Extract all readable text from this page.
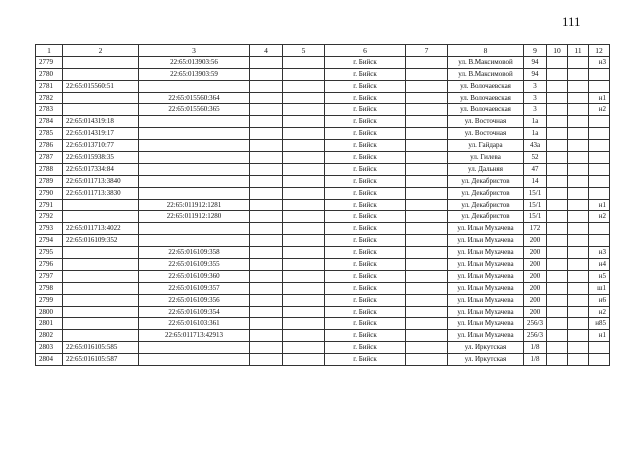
111
1	2	3	4	5	6	7	8	9	10	11	12
2779		22:65:013903:56			г. Бийск		ул. В.Максимовой	94			н3
2780		22:65:013903:59			г. Бийск		ул. В.Максимовой	94			
2781	22:65:015560:51				г. Бийск		ул. Волочаевская	3			
2782		22:65:015560:364			г. Бийск		ул. Волочаевская	3			н1
2783		22:65:015560:365			г. Бийск		ул. Волочаевская	3			н2
2784	22:65:014319:18				г. Бийск		ул. Восточная	1а			
2785	22:65:014319:17				г. Бийск		ул. Восточная	1а			
2786	22:65:013710:77				г. Бийск		ул. Гайдара	43а			
2787	22:65:015938:35				г. Бийск		ул. Гилева	52			
2788	22:65:017334:84				г. Бийск		ул. Дальняя	47			
2789	22:65:011713:3840				г. Бийск		ул. Декабристов	14			
2790	22:65:011713:3830				г. Бийск		ул. Декабристов	15/1			
2791		22:65:011912:1281			г. Бийск		ул. Декабристов	15/1			н1
2792		22:65:011912:1280			г. Бийск		ул. Декабристов	15/1			н2
2793	22:65:011713:4022				г. Бийск		ул. Ильи Мухачева	172			
2794	22:65:016109:352				г. Бийск		ул. Ильи Мухачева	200			
2795		22:65:016109:358			г. Бийск		ул. Ильи Мухачева	200			н3
2796		22:65:016109:355			г. Бийск		ул. Ильи Мухачева	200			н4
2797		22:65:016109:360			г. Бийск		ул. Ильи Мухачева	200			н5
2798		22:65:016109:357			г. Бийск		ул. Ильи Мухачева	200			ш1
2799		22:65:016109:356			г. Бийск		ул. Ильи Мухачева	200			н6
2800		22:65:016109:354			г. Бийск		ул. Ильи Мухачева	200			н2
2801		22:65:016103:361			г. Бийск		ул. Ильи Мухачева	256/3			н85
2802		22:65:011713:42913			г. Бийск		ул. Ильи Мухачева	256/3			н1
2803	22:65:016105:585				г. Бийск		ул. Иркутская	1/8			
2804	22:65:016105:587				г. Бийск		ул. Иркутская	1/8			
